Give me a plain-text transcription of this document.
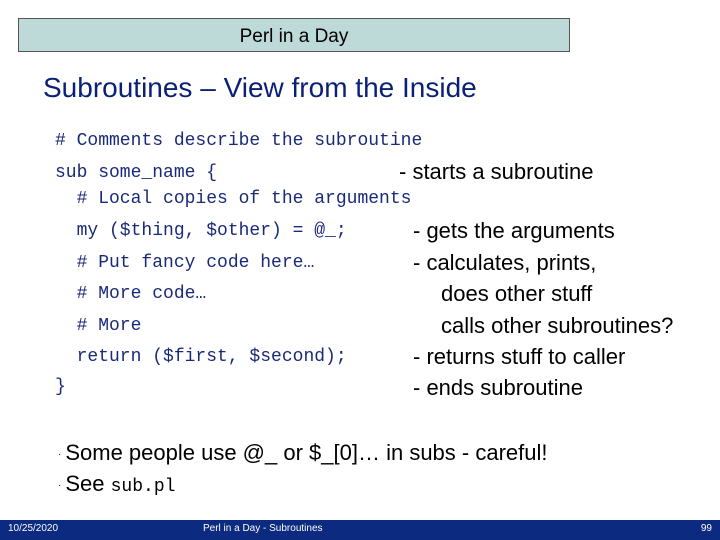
Perl in a Day
Subroutines – View from the Inside
# Comments describe the subroutine
sub some_name {
# Local copies of the arguments
my ($thing, $other) = @_;
# Put fancy code here…
# More code…
# More
return ($first, $second);
}
- starts a subroutine
- gets the arguments
- calculates, prints,
does other stuff
calls other subroutines?
- returns stuff to caller
- ends subroutine
· Some people use @_ or $_[0]… in subs - careful!
· See sub.pl
10/25/2020	Perl in a Day - Subroutines	99
